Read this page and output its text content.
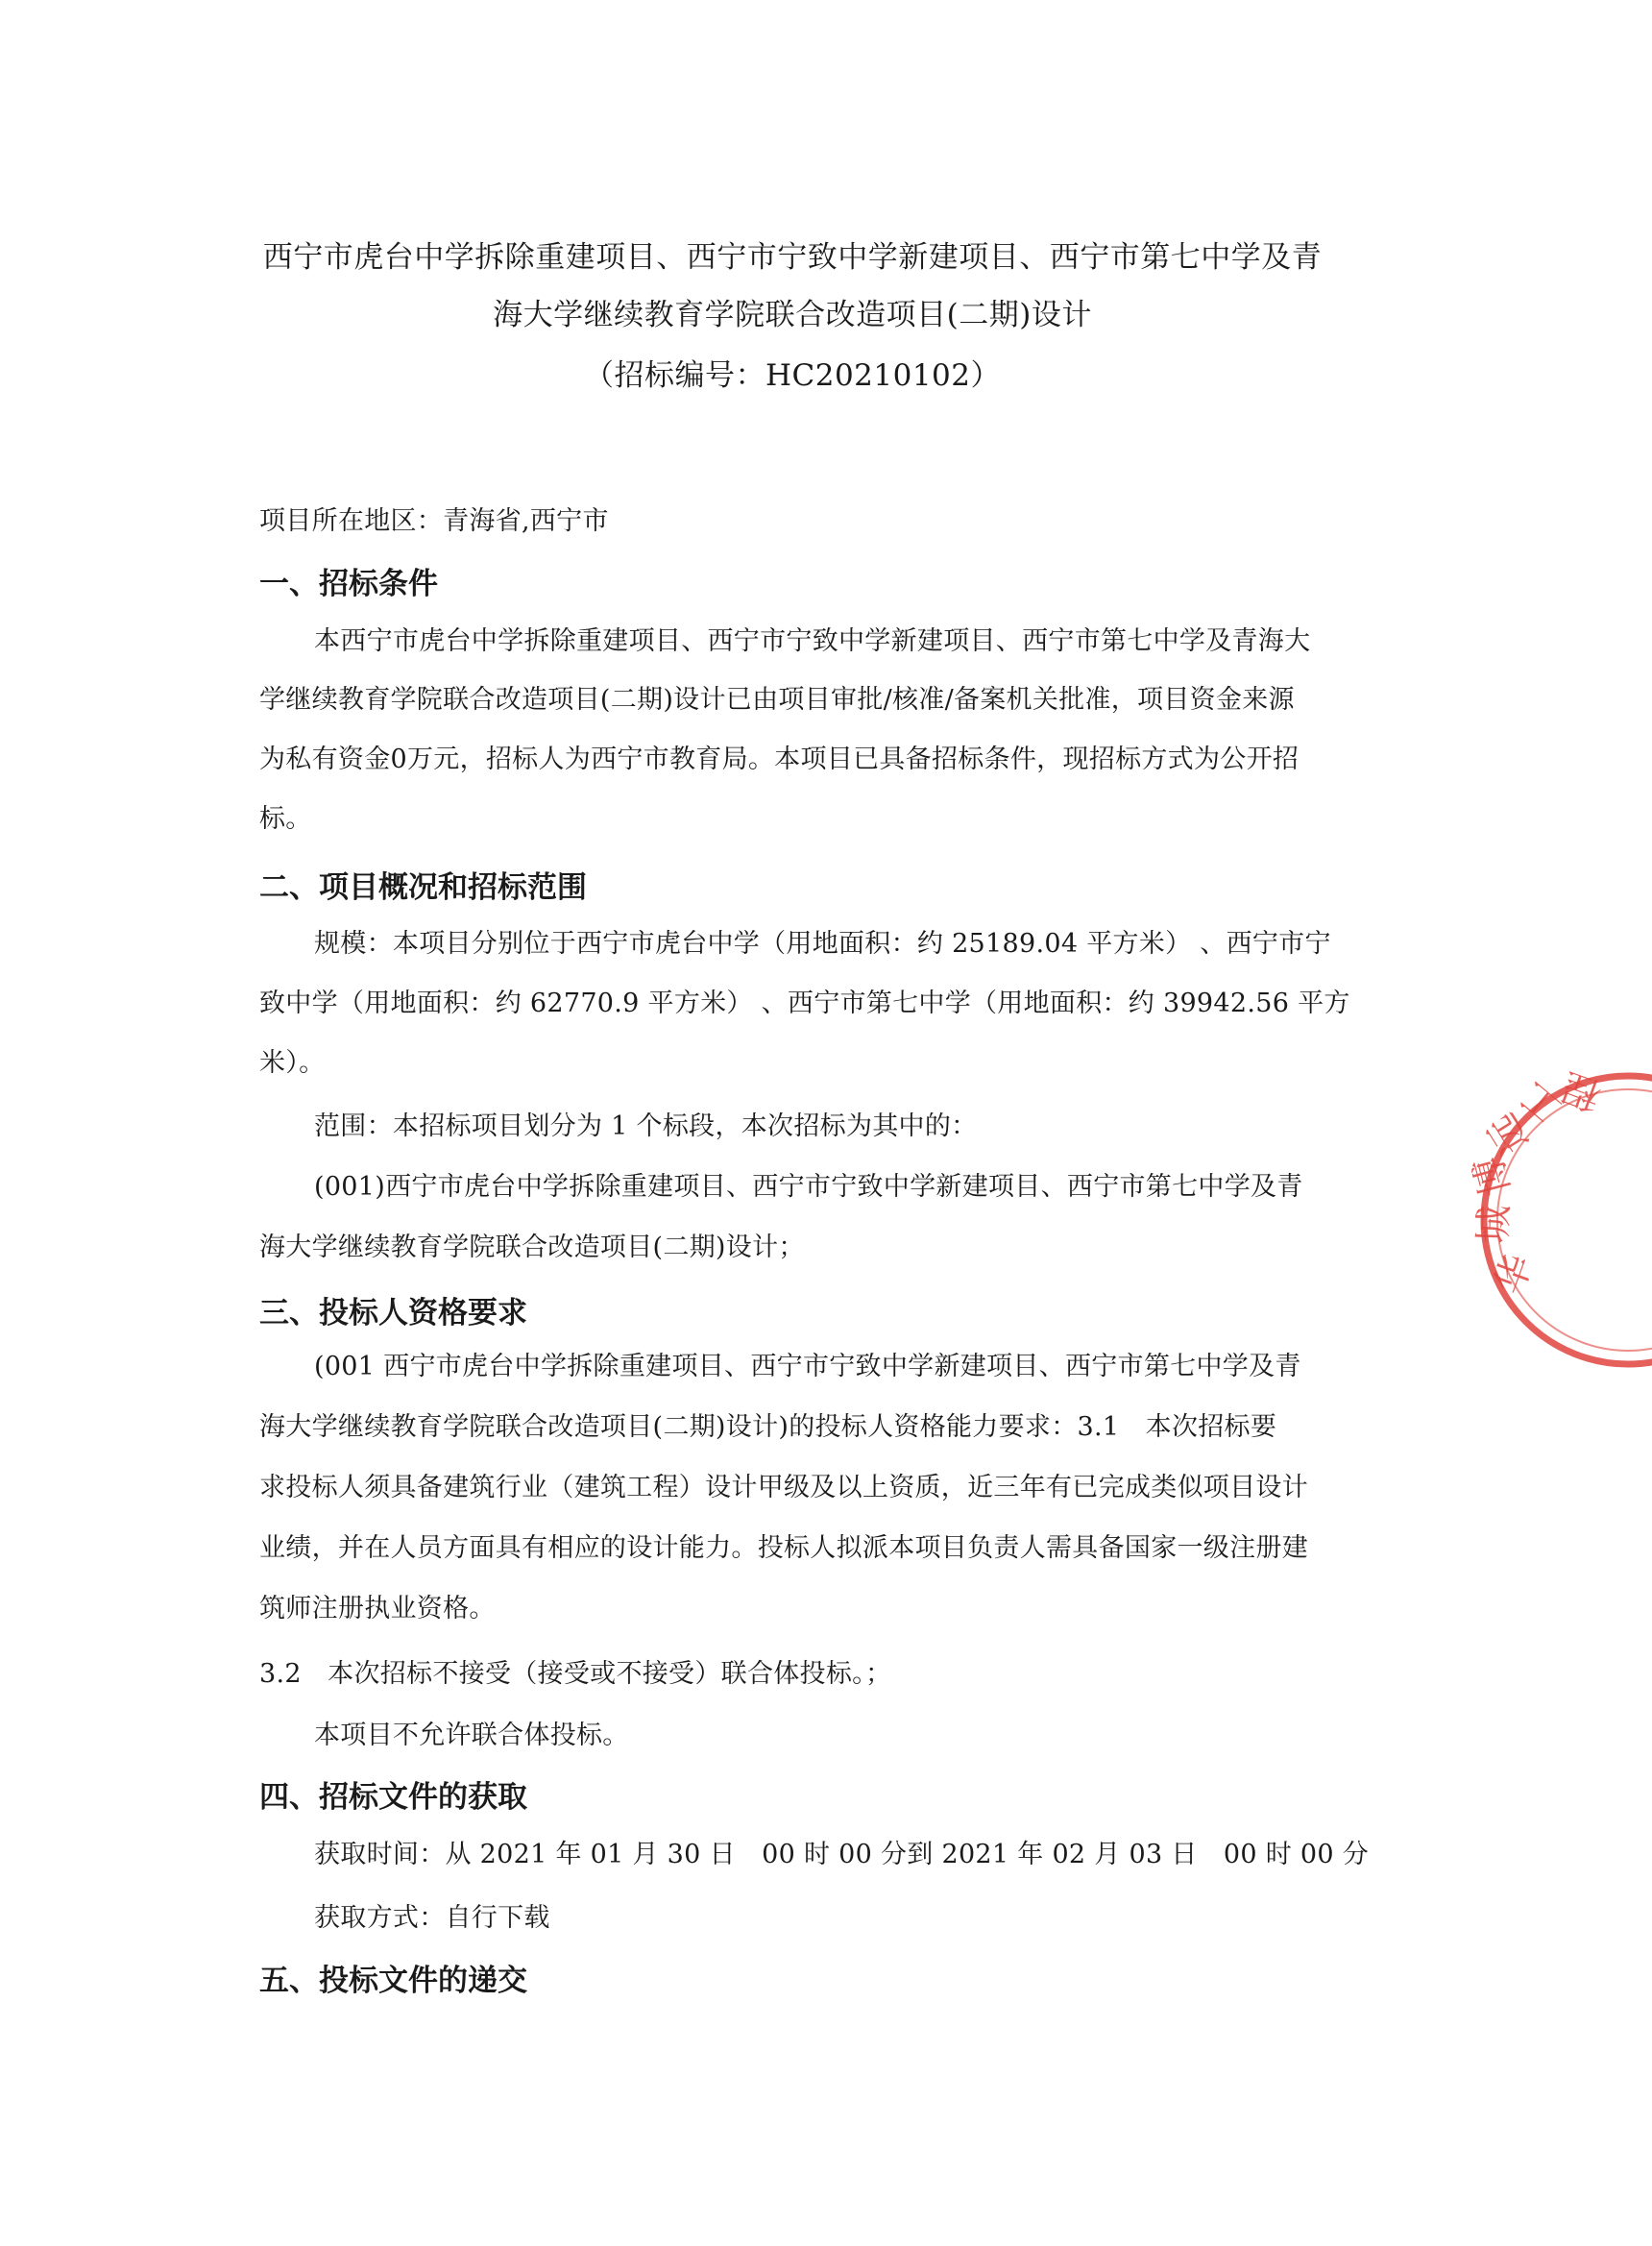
西宁市虎台中学拆除重建项目、西宁市宁致中学新建项目、西宁市第七中学及青
海大学继续教育学院联合改造项目(二期)设计
（招标编号：HC20210102）
项目所在地区：青海省,西宁市
一、招标条件
本西宁市虎台中学拆除重建项目、西宁市宁致中学新建项目、西宁市第七中学及青海大
学继续教育学院联合改造项目(二期)设计已由项目审批/核准/备案机关批准，项目资金来源
为私有资金0万元，招标人为西宁市教育局。本项目已具备招标条件，现招标方式为公开招
标。
二、项目概况和招标范围
规模：本项目分别位于西宁市虎台中学（用地面积：约 25189.04 平方米） 、西宁市宁
致中学（用地面积：约 62770.9 平方米） 、西宁市第七中学（用地面积：约 39942.56 平方
米）。
范围：本招标项目划分为 1 个标段，本次招标为其中的：
(001)西宁市虎台中学拆除重建项目、西宁市宁致中学新建项目、西宁市第七中学及青
海大学继续教育学院联合改造项目(二期)设计；
三、投标人资格要求
(001 西宁市虎台中学拆除重建项目、西宁市宁致中学新建项目、西宁市第七中学及青
海大学继续教育学院联合改造项目(二期)设计)的投标人资格能力要求：3.1　本次招标要
求投标人须具备建筑行业（建筑工程）设计甲级及以上资质，近三年有已完成类似项目设计
业绩，并在人员方面具有相应的设计能力。投标人拟派本项目负责人需具备国家一级注册建
筑师注册执业资格。
3.2　本次招标不接受（接受或不接受）联合体投标。；
本项目不允许联合体投标。
四、招标文件的获取
获取时间：从 2021 年 01 月 30 日　00 时 00 分到 2021 年 02 月 03 日　00 时 00 分
获取方式：自行下载
五、投标文件的递交
华
城
博
远
工
程
